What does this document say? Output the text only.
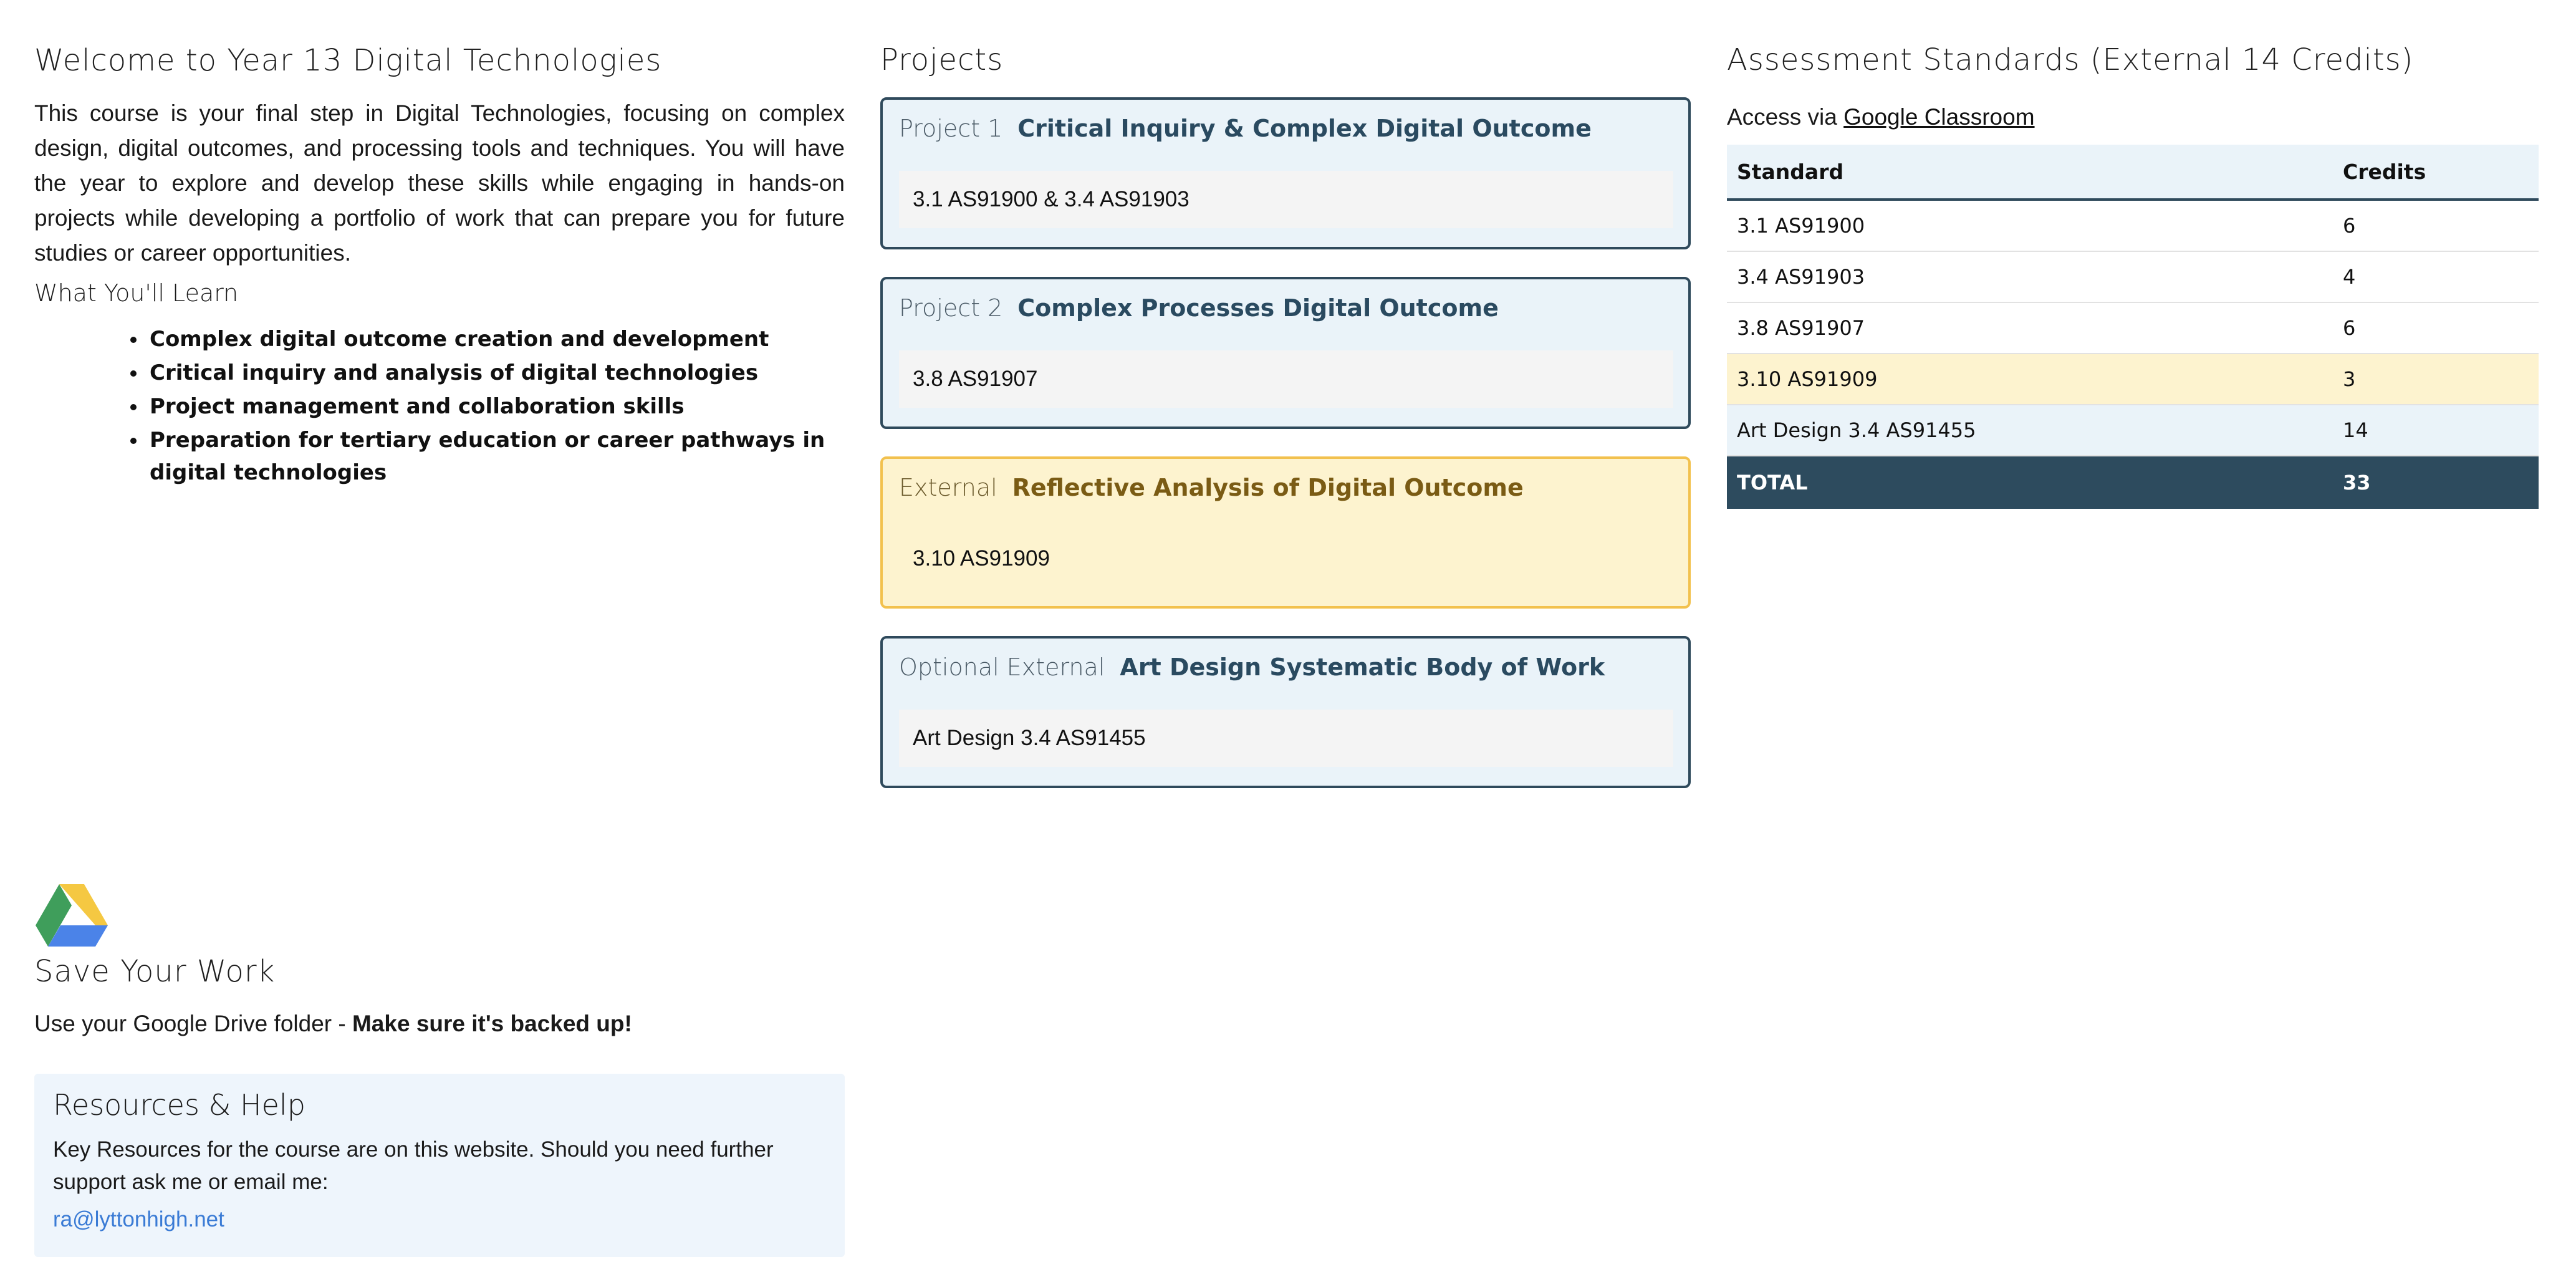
Welcome to Year 13 Digital Technologies

This course is your final step in Digital Technologies, focusing on complex design, digital outcomes, and processing tools and techniques. You will have the year to explore and develop these skills while engaging in hands-on projects while developing a portfolio of work that can prepare you for future studies or career opportunities.

What You'll Learn
• Complex digital outcome creation and development
• Critical inquiry and analysis of digital technologies
• Project management and collaboration skills
• Preparation for tertiary education or career pathways in digital technologies
Projects
Project 1 Critical Inquiry & Complex Digital Outcome
3.1 AS91900 & 3.4 AS91903
Project 2 Complex Processes Digital Outcome
3.8 AS91907
External Reflective Analysis of Digital Outcome
3.10 AS91909
Optional External Art Design Systematic Body of Work
Art Design 3.4 AS91455
Assessment Standards (External 14 Credits)
Access via Google Classroom
Standard	Credits
3.1 AS91900	6
3.4 AS91903	4
3.8 AS91907	6
3.10 AS91909	3
Art Design 3.4 AS91455	14
TOTAL	33
Save Your Work

Use your Google Drive folder - Make sure it's backed up!

Resources & Help

Key Resources for the course are on this website. Should you need further support ask me or email me:

ra@lyttonhigh.net
